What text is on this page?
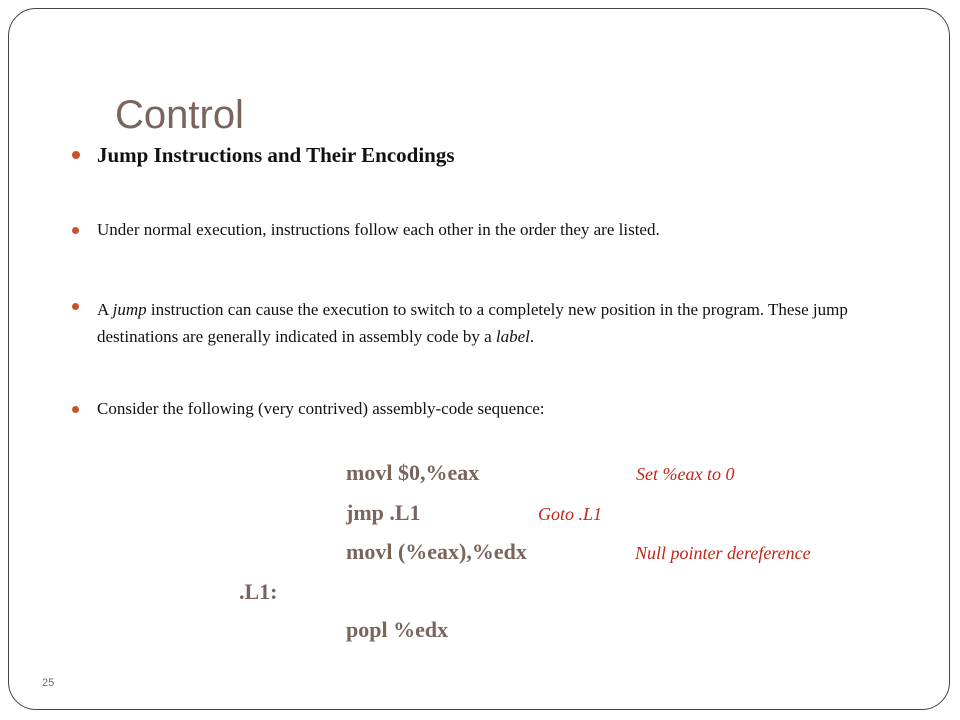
Control
Jump Instructions and Their Encodings
Under normal execution, instructions follow each other in the order they are listed.
A jump instruction can cause the execution to switch to a completely new position in the program. These jump destinations are generally indicated in assembly code by a label.
Consider the following (very contrived) assembly-code sequence:
movl $0,%eax	Set %eax to 0
jmp .L1	Goto .L1
movl (%eax),%edx	Null pointer dereference
.L1:
popl %edx
25
